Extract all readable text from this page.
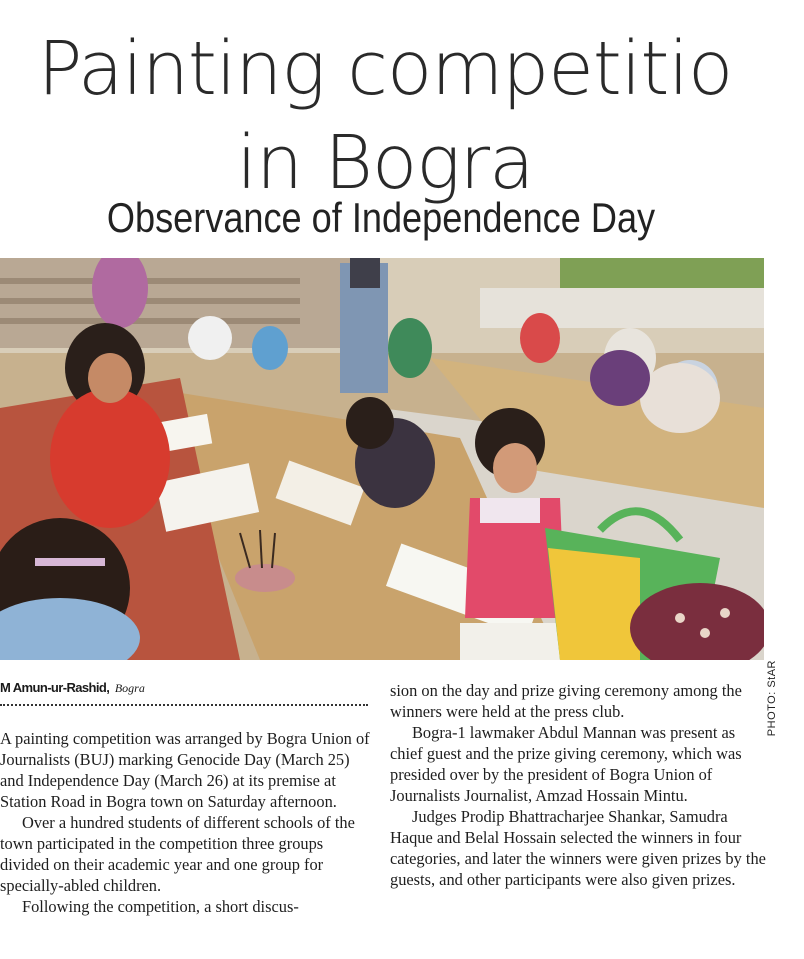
Painting competitio
in Bogra
Observance of Independence Day
PHOTO: StAR
M Amun-ur-Rashid, Bogra

A painting competition was arranged by Bogra Union of Journalists (BUJ) marking Genocide Day (March 25) and Independence Day (March 26) at its premise at Station Road in Bogra town on Saturday afternoon.

Over a hundred students of different schools of the town participated in the competition three groups divided on their academic year and one group for specially-abled children.

Following the competition, a short discus-

sion on the day and prize giving ceremony among the winners were held at the press club.

Bogra-1 lawmaker Abdul Mannan was present as chief guest and the prize giving ceremony, which was presided over by the president of Bogra Union of Journalists Journalist, Amzad Hossain Mintu.

Judges Prodip Bhattracharjee Shankar, Samudra Haque and Belal Hossain selected the winners in four categories, and later the winners were given prizes by the guests, and other participants were also given prizes.
